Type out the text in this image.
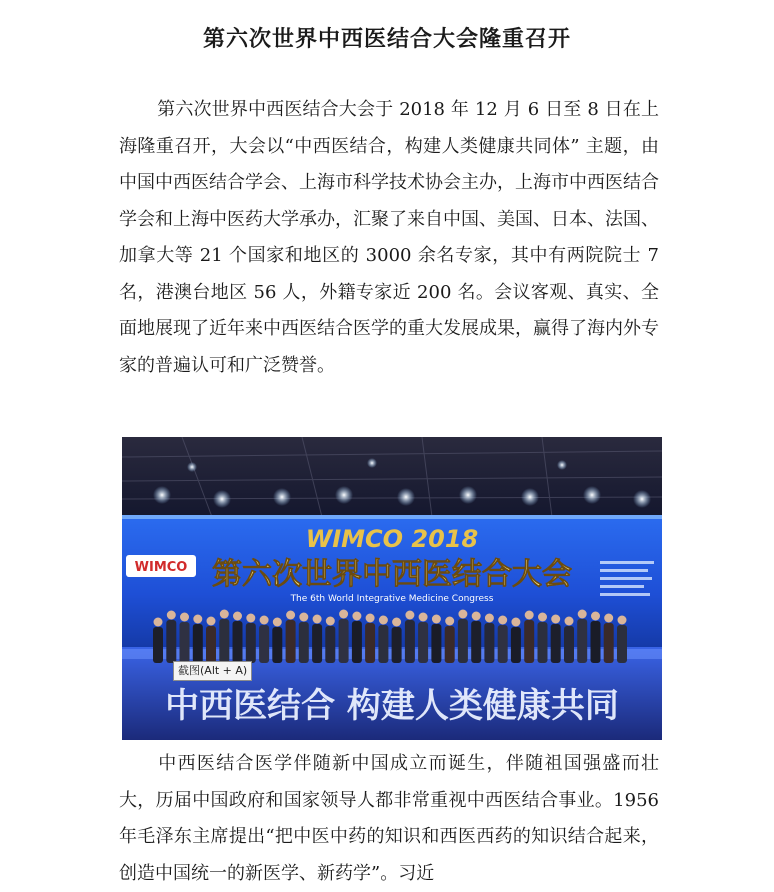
第六次世界中西医结合大会隆重召开

第六次世界中西医结合大会于 2018 年 12 月 6 日至 8 日在上海隆重召开，大会以“中西医结合，构建人类健康共同体” 主题，由中国中西医结合学会、上海市科学技术协会主办，上海市中西医结合学会和上海中医药大学承办，汇聚了来自中国、美国、日本、法国、加拿大等 21 个国家和地区的 3000 余名专家，其中有两院院士 7 名，港澳台地区 56 人，外籍专家近 200 名。会议客观、真实、全面地展现了近年来中西医结合医学的重大发展成果，赢得了海内外专家的普遍认可和广泛赞誉。

WIMCO
WIMCO 2018
第六次世界中西医结合大会
The 6th World Integrative Medicine Congress
中西医结合 构建人类健康共同
截图(Alt + A)

中西医结合医学伴随新中国成立而诞生，伴随祖国强盛而壮大，历届中国政府和国家领导人都非常重视中西医结合事业。1956 年毛泽东主席提出“把中医中药的知识和西医西药的知识结合起来，创造中国统一的新医学、新药学”。习近
